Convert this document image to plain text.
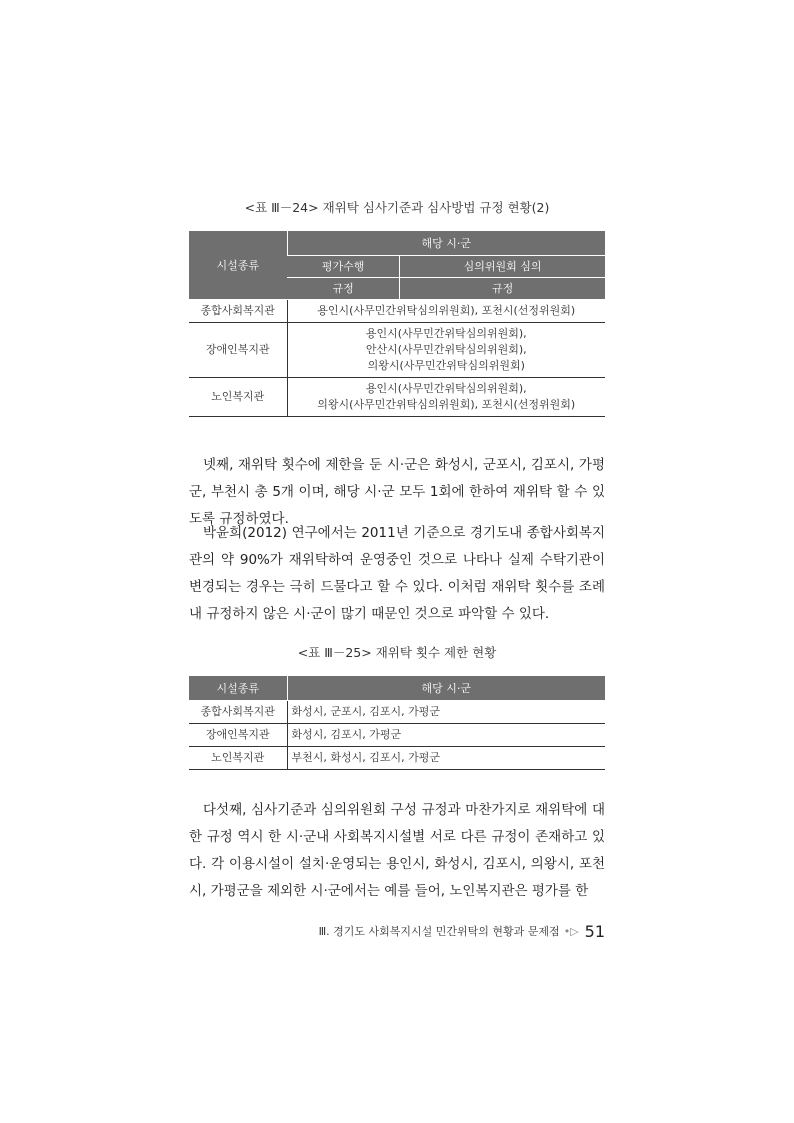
<표 Ⅲ－24> 재위탁 심사기준과 심사방법 규정 현황(2)
시설종류	해당 시·군	
	평가수행	심의위원회 심의
	규정	규정
종합사회복지관	용인시(사무민간위탁심의위원회), 포천시(선정위원회)	

장애인복지관	용인시(사무민간위탁심의위원회),
안산시(사무민간위탁심의위원회),
의왕시(사무민간위탁심의위원회)	

노인복지관	용인시(사무민간위탁심의위원회),
의왕시(사무민간위탁심의위원회), 포천시(선정위원회)	

넷째, 재위탁 횟수에 제한을 둔 시·군은 화성시, 군포시, 김포시, 가평군, 부천시 총 5개 이며, 해당 시·군 모두 1회에 한하여 재위탁 할 수 있도록 규정하였다.

박윤희(2012) 연구에서는 2011년 기준으로 경기도내 종합사회복지관의 약 90%가 재위탁하여 운영중인 것으로 나타나 실제 수탁기관이 변경되는 경우는 극히 드물다고 할 수 있다. 이처럼 재위탁 횟수를 조례 내 규정하지 않은 시·군이 많기 때문인 것으로 파악할 수 있다.

<표 Ⅲ－25> 재위탁 횟수 제한 현황
시설종류	해당 시·군
종합사회복지관	화성시, 군포시, 김포시, 가평군
장애인복지관	화성시, 김포시, 가평군
노인복지관	부천시, 화성시, 김포시, 가평군

다섯째, 심사기준과 심의위원회 구성 규정과 마찬가지로 재위탁에 대한 규정 역시 한 시·군내 사회복지시설별 서로 다른 규정이 존재하고 있다. 각 이용시설이 설치·운영되는 용인시, 화성시, 김포시, 의왕시, 포천시, 가평군을 제외한 시·군에서는 예를 들어, 노인복지관은 평가를 한

Ⅲ. 경기도 사회복지시설 민간위탁의 현황과 문제점 •▷ 51
